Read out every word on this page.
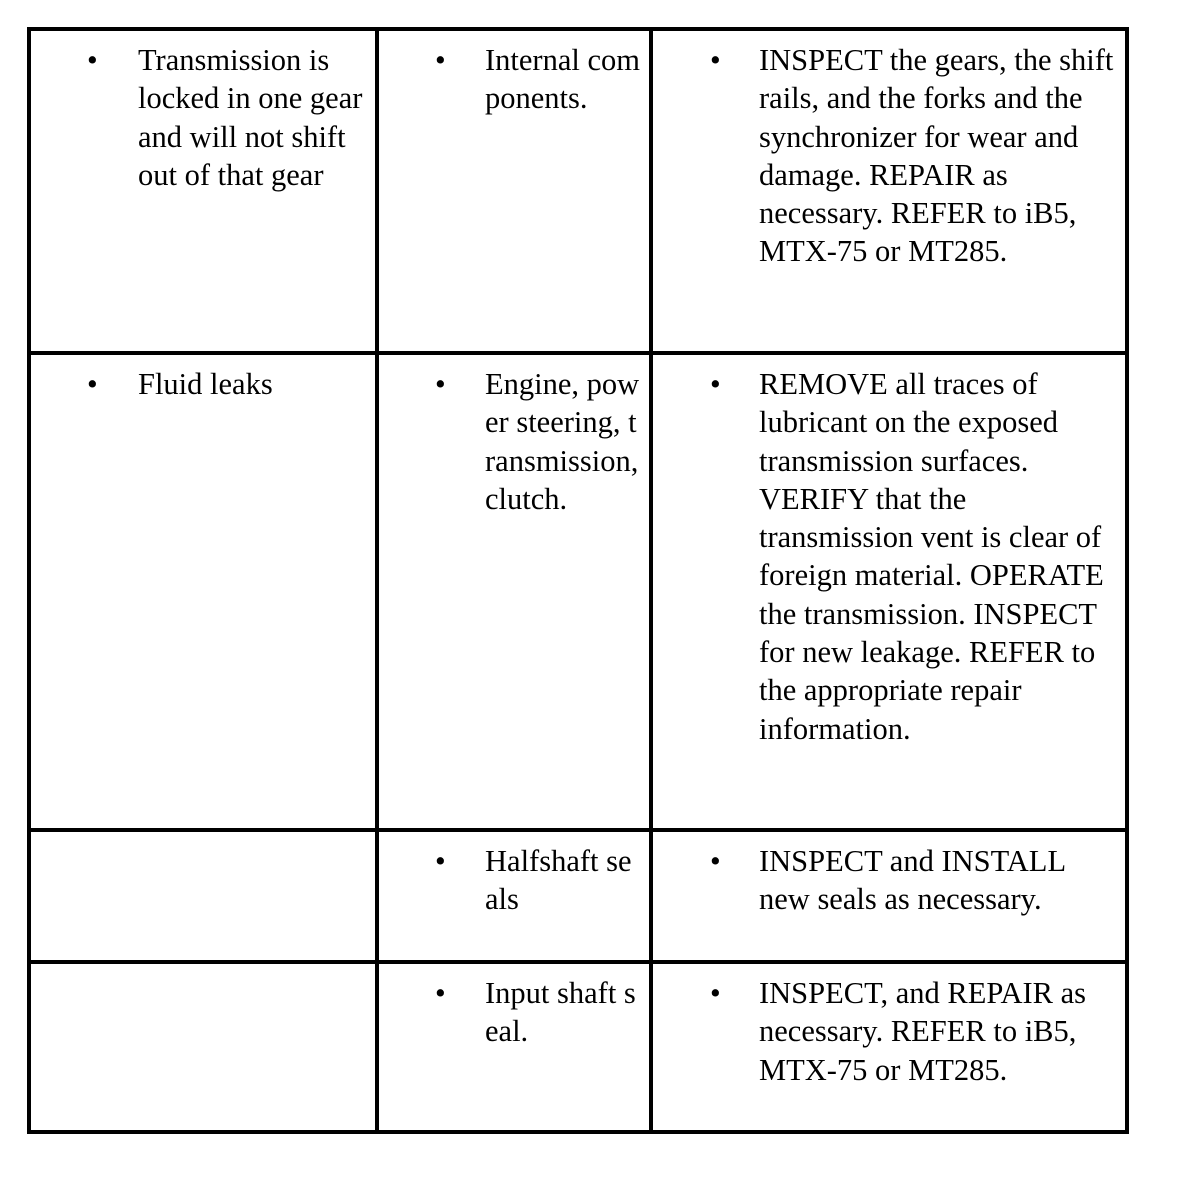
• Transmission is locked in one gear and will not shift out of that gear	• Internal components.	• INSPECT the gears, the shift rails, and the forks and the synchronizer for wear and damage. REPAIR as necessary. REFER to iB5, MTX-75 or MT285.

• Fluid leaks	• Engine, power steering, transmission, clutch.	• REMOVE all traces of lubricant on the exposed transmission surfaces. VERIFY that the transmission vent is clear of foreign material. OPERATE the transmission. INSPECT for new leakage. REFER to the appropriate repair information.

	• Halfshaft seals	• INSPECT and INSTALL new seals as necessary.

	• Input shaft seal.	• INSPECT, and REPAIR as necessary. REFER to iB5, MTX-75 or MT285.
